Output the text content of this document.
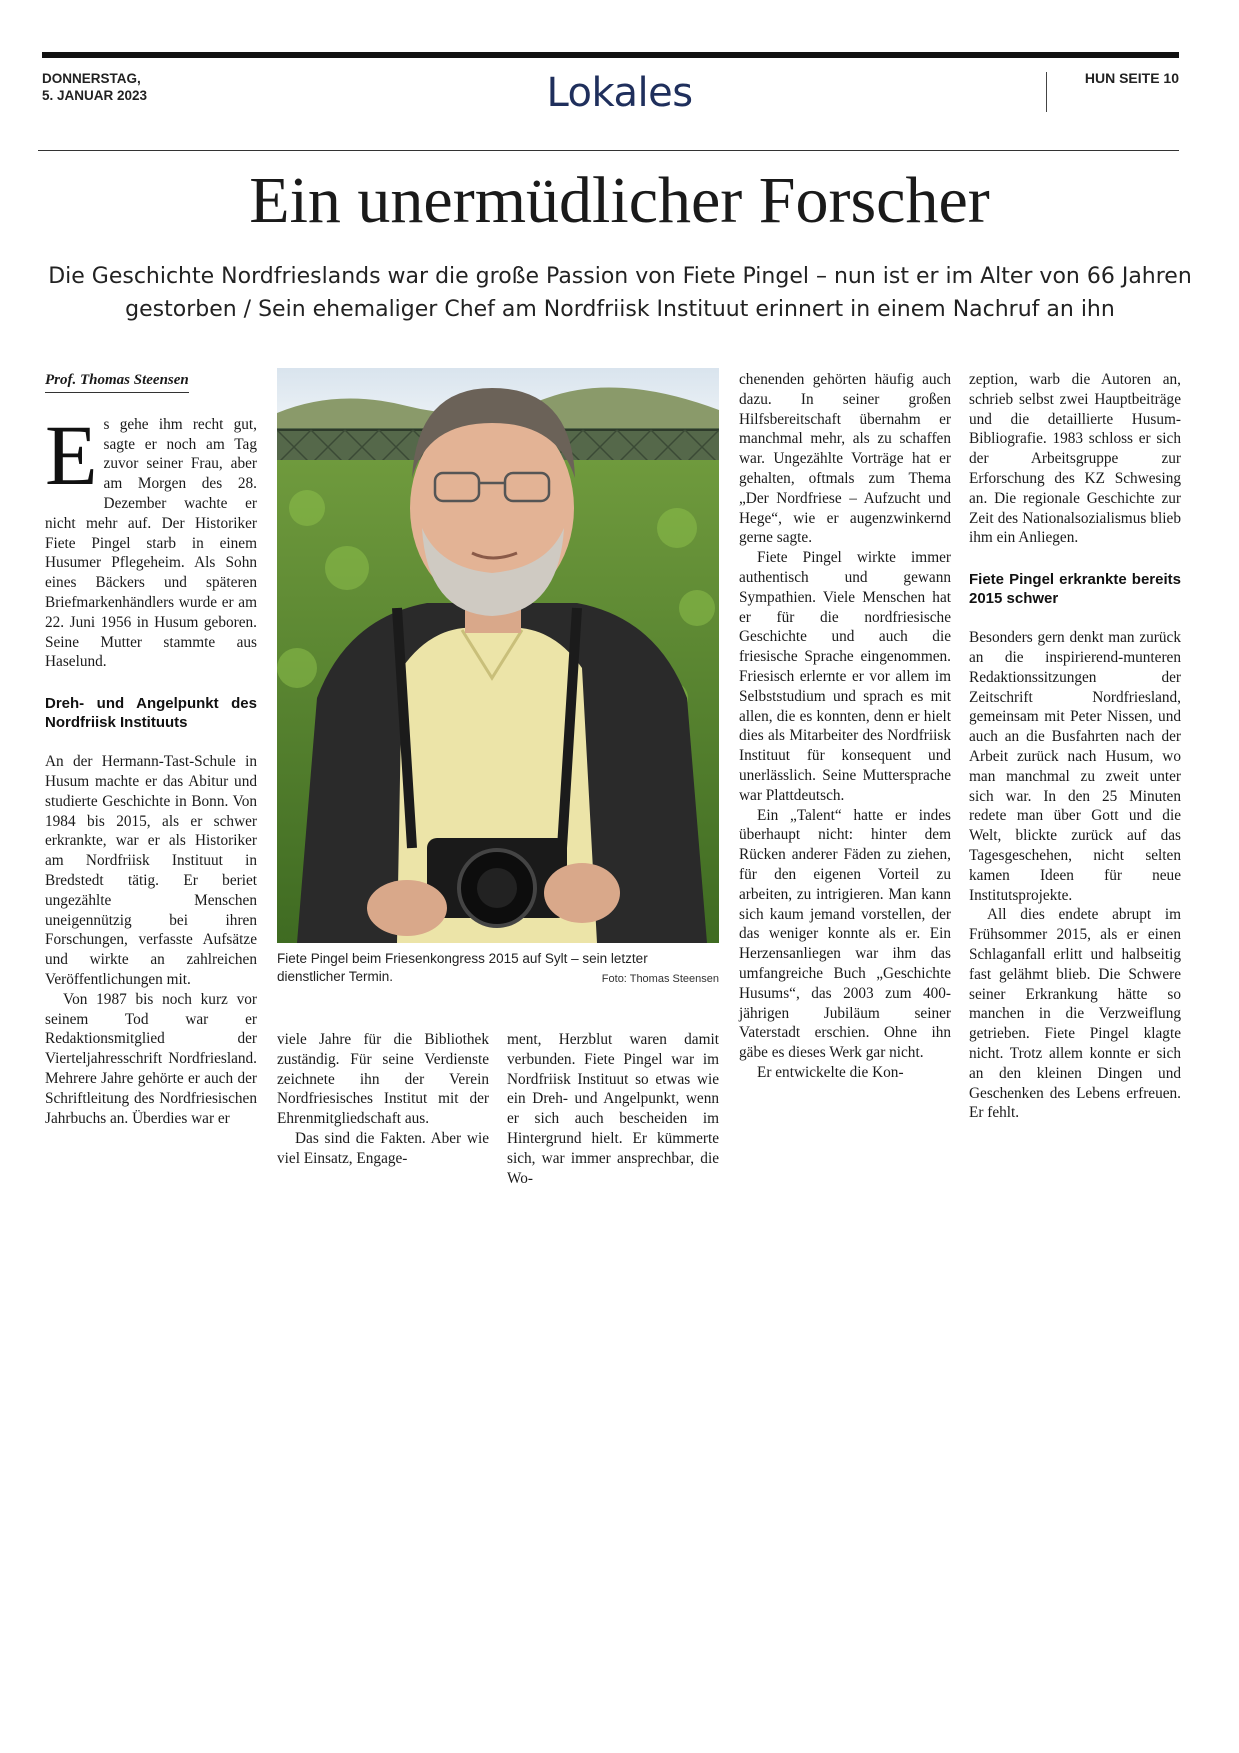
DONNERSTAG,
5. JANUAR 2023	Lokales	HUN SEITE 10
Ein unermüdlicher Forscher
Die Geschichte Nordfrieslands war die große Passion von Fiete Pingel – nun ist er im Alter von 66 Jahren gestorben / Sein ehemaliger Chef am Nordfriisk Instituut erinnert in einem Nachruf an ihn
Prof. Thomas Steensen

Es gehe ihm recht gut, sagte er noch am Tag zuvor seiner Frau, aber am Morgen des 28. Dezember wachte er nicht mehr auf. Der Historiker Fiete Pingel starb in einem Husumer Pflegeheim. Als Sohn eines Bäckers und späteren Briefmarkenhändlers wurde er am 22. Juni 1956 in Husum geboren. Seine Mutter stammte aus Haselund.

Dreh- und Angelpunkt des Nordfriisk Instituuts

An der Hermann-Tast-Schule in Husum machte er das Abitur und studierte Geschichte in Bonn. Von 1984 bis 2015, als er schwer erkrankte, war er als Historiker am Nordfriisk Instituut in Bredstedt tätig. Er beriet ungezählte Menschen uneigennützig bei ihren Forschungen, verfasste Aufsätze und wirkte an zahlreichen Veröffentlichungen mit.

Von 1987 bis noch kurz vor seinem Tod war er Redaktionsmitglied der Vierteljahresschrift Nordfriesland. Mehrere Jahre gehörte er auch der Schriftleitung des Nordfriesischen Jahrbuchs an. Überdies war er

Fiete Pingel beim Friesenkongress 2015 auf Sylt – sein letzter dienstlicher Termin.	Foto: Thomas Steensen

viele Jahre für die Bibliothek zuständig. Für seine Verdienste zeichnete ihn der Verein Nordfriesisches Institut mit der Ehrenmitgliedschaft aus.

Das sind die Fakten. Aber wie viel Einsatz, Engage-

ment, Herzblut waren damit verbunden. Fiete Pingel war im Nordfriisk Instituut so etwas wie ein Dreh- und Angelpunkt, wenn er sich auch bescheiden im Hintergrund hielt. Er kümmerte sich, war immer ansprechbar, die Wo-

chenenden gehörten häufig auch dazu. In seiner großen Hilfsbereitschaft übernahm er manchmal mehr, als zu schaffen war. Ungezählte Vorträge hat er gehalten, oftmals zum Thema „Der Nordfriese – Aufzucht und Hege“, wie er augenzwinkernd gerne sagte.

Fiete Pingel wirkte immer authentisch und gewann Sympathien. Viele Menschen hat er für die nordfriesische Geschichte und auch die friesische Sprache eingenommen. Friesisch erlernte er vor allem im Selbststudium und sprach es mit allen, die es konnten, denn er hielt dies als Mitarbeiter des Nordfriisk Instituut für konsequent und unerlässlich. Seine Muttersprache war Plattdeutsch.

Ein „Talent“ hatte er indes überhaupt nicht: hinter dem Rücken anderer Fäden zu ziehen, für den eigenen Vorteil zu arbeiten, zu intrigieren. Man kann sich kaum jemand vorstellen, der das weniger konnte als er. Ein Herzensanliegen war ihm das umfangreiche Buch „Geschichte Husums“, das 2003 zum 400-jährigen Jubiläum seiner Vaterstadt erschien. Ohne ihn gäbe es dieses Werk gar nicht.

Er entwickelte die Kon-

zeption, warb die Autoren an, schrieb selbst zwei Hauptbeiträge und die detaillierte Husum-Bibliografie. 1983 schloss er sich der Arbeitsgruppe zur Erforschung des KZ Schwesing an. Die regionale Geschichte zur Zeit des Nationalsozialismus blieb ihm ein Anliegen.

Fiete Pingel erkrankte bereits 2015 schwer

Besonders gern denkt man zurück an die inspirierend-munteren Redaktionssitzungen der Zeitschrift Nordfriesland, gemeinsam mit Peter Nissen, und auch an die Busfahrten nach der Arbeit zurück nach Husum, wo man manchmal zu zweit unter sich war. In den 25 Minuten redete man über Gott und die Welt, blickte zurück auf das Tagesgeschehen, nicht selten kamen Ideen für neue Institutsprojekte.

All dies endete abrupt im Frühsommer 2015, als er einen Schlaganfall erlitt und halbseitig fast gelähmt blieb. Die Schwere seiner Erkrankung hätte so manchen in die Verzweiflung getrieben. Fiete Pingel klagte nicht. Trotz allem konnte er sich an den kleinen Dingen und Geschenken des Lebens erfreuen. Er fehlt.
